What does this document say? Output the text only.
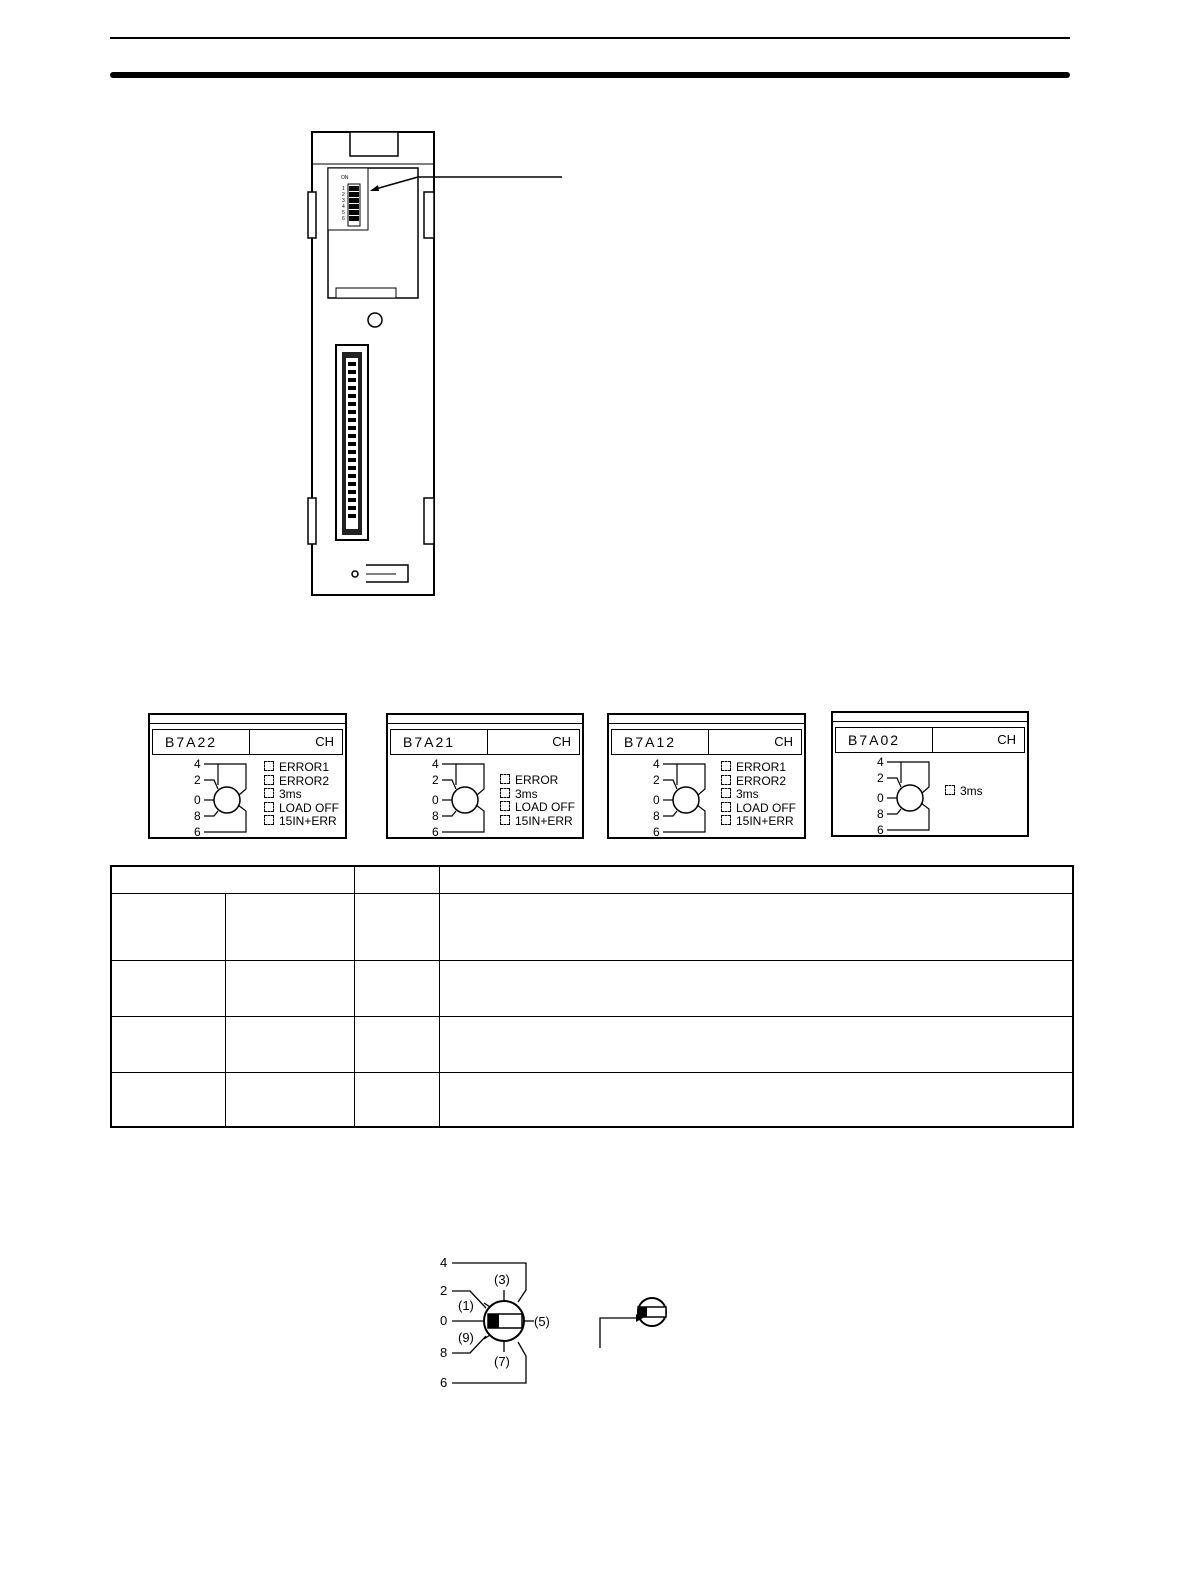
ON
1
2
3
4
5
6
B7A22	CH
4
2
0
8
6
ERROR1
ERROR2
3ms
LOAD OFF
15IN+ERR
B7A21	CH
4
2
0
8
6
ERROR
3ms
LOAD OFF
15IN+ERR
B7A12	CH
4
2
0
8
6
ERROR1
ERROR2
3ms
LOAD OFF
15IN+ERR
B7A02	CH
4
2
0
8
6
3ms

4
2
0
8
6
(1)
(3)
(5)
(7)
(9)
